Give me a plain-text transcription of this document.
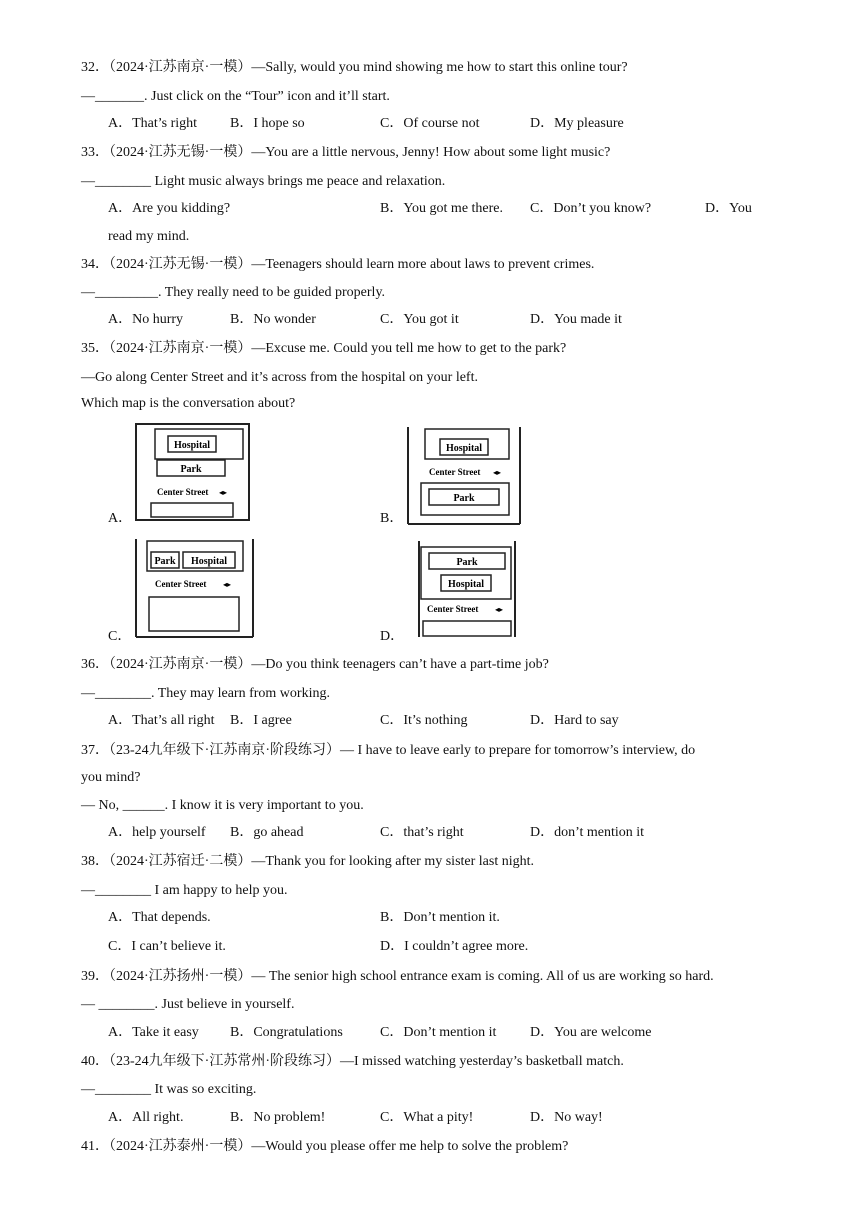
32．（2024·江苏南京·一模）—Sally, would you mind showing me how to start this online tour?
—_______. Just click on the “Tour” icon and it’ll start.
A．That’s right B．I hope so	C．Of course not	D．My pleasure
33．（2024·江苏无锡·一模）—You are a little nervous, Jenny! How about some light music?
—________ Light music always brings me peace and relaxation.
A．Are you kidding?	B．You got me there. C．Don’t you know?	D．You
read my mind.
34．（2024·江苏无锡·一模）—Teenagers should learn more about laws to prevent crimes.
—_________. They really need to be guided properly.
A．No hurry	B．No wonder	C．You got it	D．You made it
35．（2024·江苏南京·一模）—Excuse me. Could you tell me how to get to the park?
—Go along Center Street and it’s across from the hospital on your left.
Which map is the conversation about?
A．
Hospital
Park
Center Street ◂▸
B．
Hospital
Center Street ◂▸
Park
C．
Park Hospital
Center Street ◂▸
D．
Park
Hospital
Center Street ◂▸
36．（2024·江苏南京·一模）—Do you think teenagers can’t have a part-time job?
—________. They may learn from working.
A．That’s all right B．I agree	C．It’s nothing	D．Hard to say
37．（23-24九年级下·江苏南京·阶段练习）— I have to leave early to prepare for tomorrow’s interview, do
you mind?
— No, ______. I know it is very important to you.
A．help yourself B．go ahead	C．that’s right	D．don’t mention it
38．（2024·江苏宿迁·二模）—Thank you for looking after my sister last night.
—________ I am happy to help you.
A．That depends.	B．Don’t mention it.
C．I can’t believe it.	D．I couldn’t agree more.
39．（2024·江苏扬州·一模）— The senior high school entrance exam is coming. All of us are working so hard.
— ________. Just believe in yourself.
A．Take it easy B．Congratulations	C．Don’t mention it D．You are welcome
40．（23-24九年级下·江苏常州·阶段练习）—I missed watching yesterday’s basketball match.
—________ It was so exciting.
A．All right.	B．No problem!	C．What a pity!	D．No way!
41．（2024·江苏泰州·一模）—Would you please offer me help to solve the problem?
